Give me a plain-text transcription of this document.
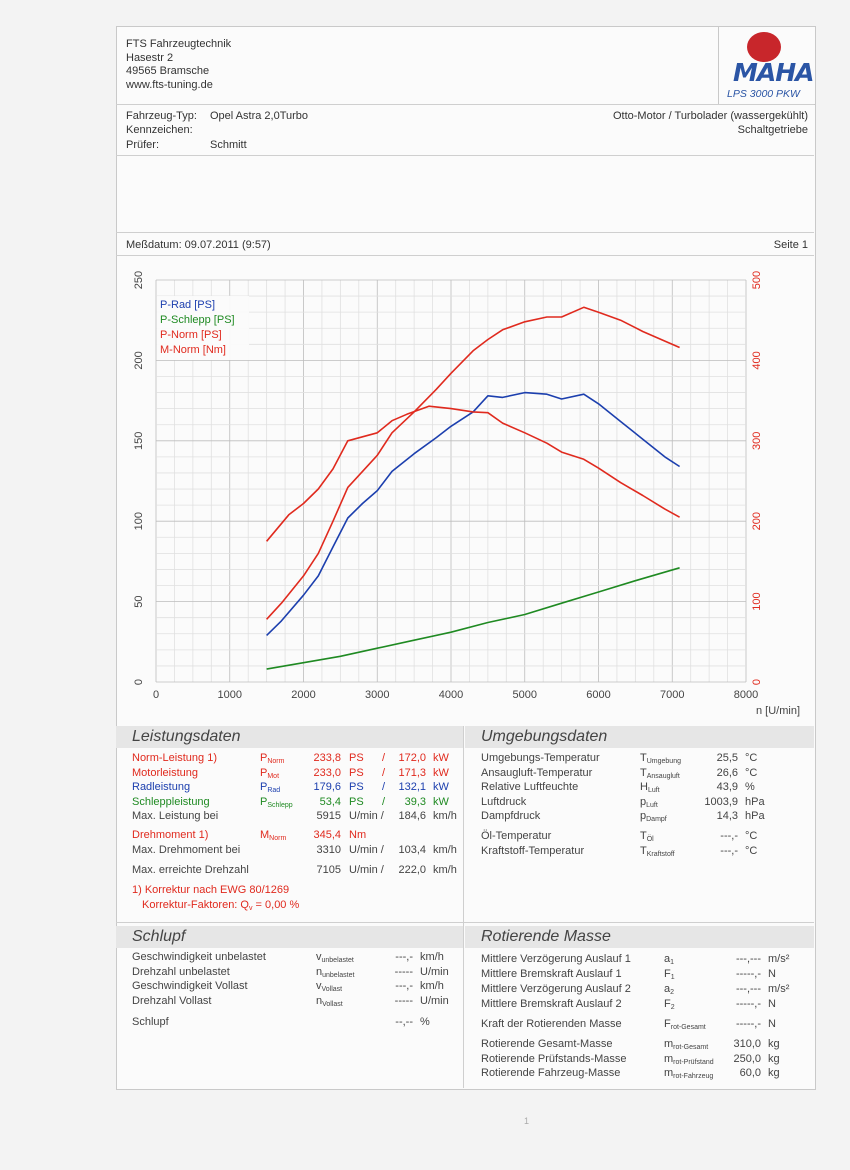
FTS Fahrzeugtechnik
Hasestr 2
49565 Bramsche
www.fts-tuning.de	MAHA
LPS 3000 PKW
Fahrzeug-Typ: Opel Astra 2,0Turbo
Kennzeichen:
Prüfer:	Schmitt
Otto-Motor / Turbolader (wassergekühlt)
Schaltgetriebe
Meßdatum: 09.07.2011 (9:57)	Seite 1
0	1000	2000	3000	4000	5000	6000	7000	8000
0
50
100
150
200
250
0
100
200
300
400
500
P-Rad [PS]
P-Schlepp [PS]
P-Norm [PS]
M-Norm [Nm]
n [U/min]
Leistungsdaten	Umgebungsdaten
Norm-Leistung 1)	$P_{Norm}$	233,8 PS / 172,0 kW
Motorleistung	$P_{Mot}$	233,0 PS / 171,3 kW
Radleistung	$P_{Rad}$	179,6 PS / 132,1 kW
Schleppleistung	$P_{Schlepp}$ 53,4 PS / 39,3 kW
Max. Leistung bei	5915 U/min / 184,6 km/h
Drehmoment 1)	$M_{Norm}$ 345,4 Nm
Max. Drehmoment bei	3310 U/min / 103,4 km/h
Max. erreichte Drehzahl	7105 U/min / 222,0 km/h
1) Korrektur nach EWG 80/1269
Korrektur-Faktoren: $Q_v = 0,00$ %
Umgebungs-Temperatur	$T_{Umgebung}$	25,5 °C
Ansaugluft-Temperatur	$T_{Ansaugluft}$	26,6 °C
Relative Luftfeuchte	$H_{Luft}$	43,9 %
Luftdruck	$p_{Luft}$	1003,9 hPa
Dampfdruck	$p_{Dampf}$	14,3 hPa
Öl-Temperatur	$T_{Öl}$	---,- °C
Kraftstoff-Temperatur	$T_{Kraftstoff}$	---,- °C
Schlupf	Rotierende Masse
Geschwindigkeit unbelastet	$v_{unbelastet}$	---,- km/h
Drehzahl unbelastet	$n_{unbelastet}$	----- U/min
Geschwindigkeit Vollast	$v_{Vollast}$	---,- km/h
Drehzahl Vollast	$n_{Vollast}$	----- U/min
Schlupf	--,-- %
Mittlere Verzögerung Auslauf 1	$a_1$	---,--- m/s²
Mittlere Bremskraft Auslauf 1	$F_1$	-----,- N
Mittlere Verzögerung Auslauf 2	$a_2$	---,--- m/s²
Mittlere Bremskraft Auslauf 2	$F_2$	-----,- N
Kraft der Rotierenden Masse	$F_{rot-Gesamt}$	-----,- N
Rotierende Gesamt-Masse	$m_{rot-Gesamt}$ 310,0 kg
Rotierende Prüfstands-Masse	$m_{rot-Prüfstand}$ 250,0 kg
Rotierende Fahrzeug-Masse	$m_{rot-Fahrzeug}$ 60,0 kg
1
